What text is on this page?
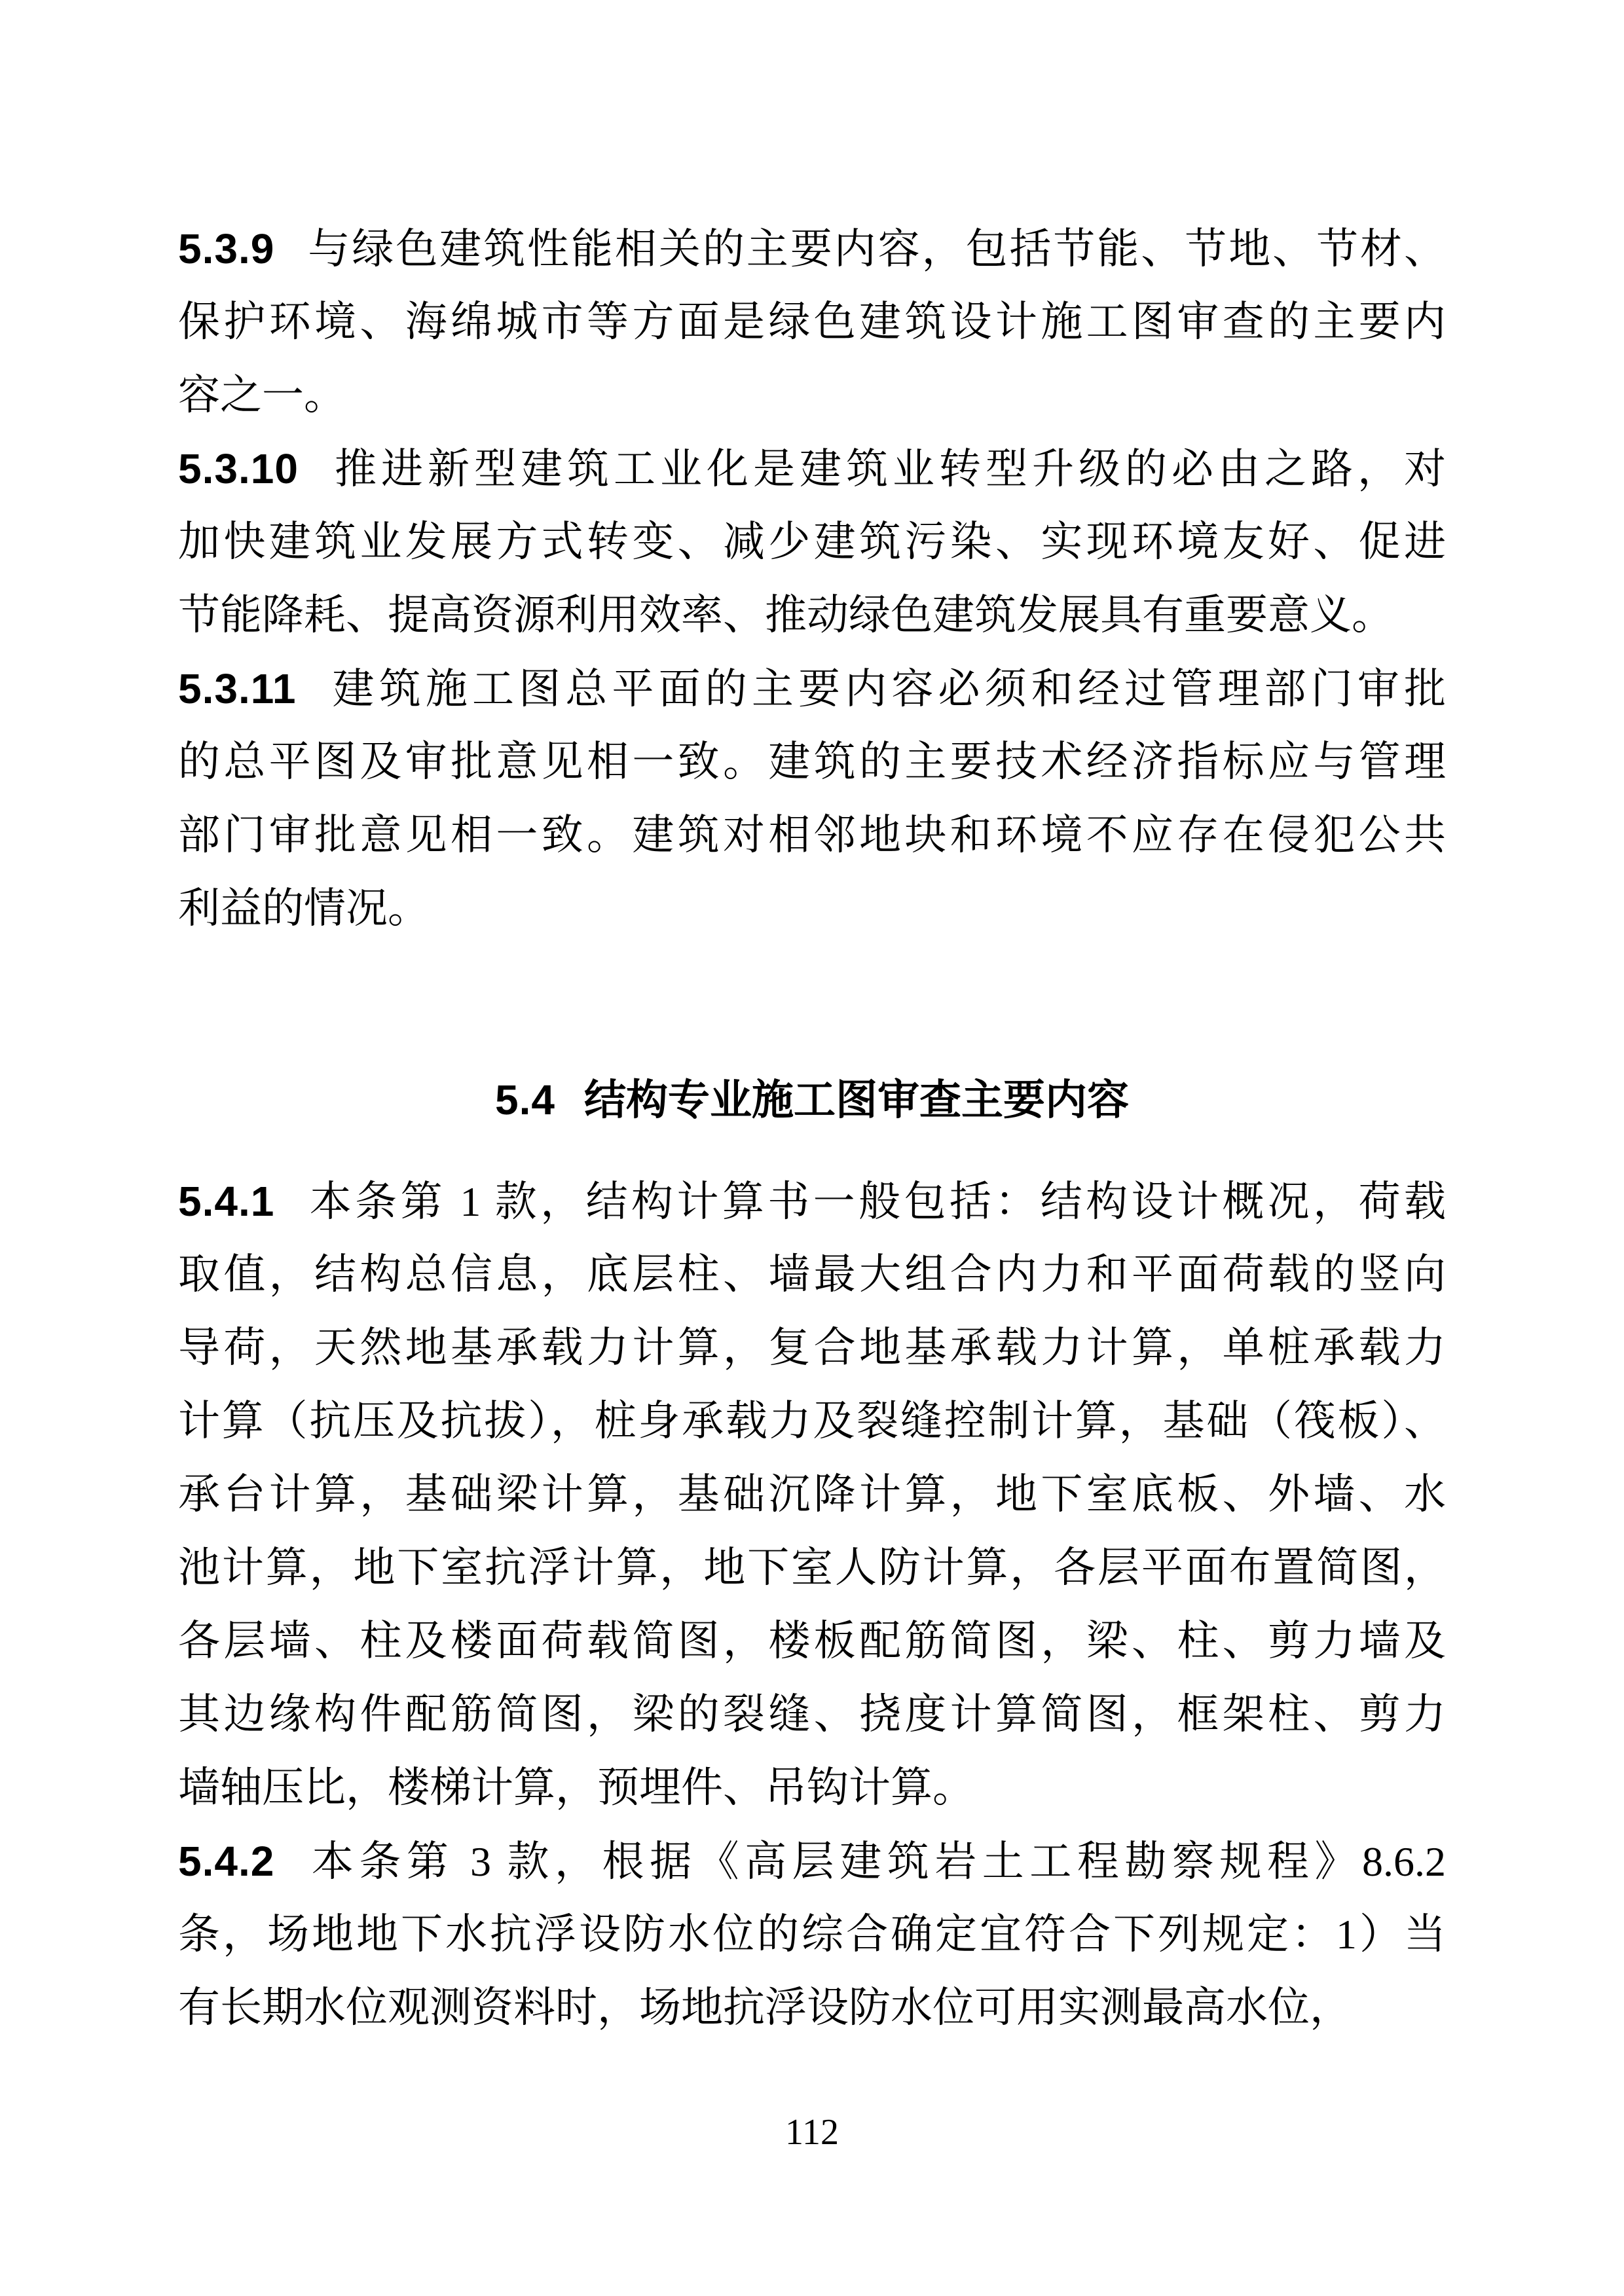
5.3.9 与绿色建筑性能相关的主要内容，包括节能、节地、节材、
保护环境、海绵城市等方面是绿色建筑设计施工图审查的主要内
容之一。
5.3.10 推进新型建筑工业化是建筑业转型升级的必由之路，对
加快建筑业发展方式转变、减少建筑污染、实现环境友好、促进
节能降耗、提高资源利用效率、推动绿色建筑发展具有重要意义。
5.3.11 建筑施工图总平面的主要内容必须和经过管理部门审批
的总平图及审批意见相一致。建筑的主要技术经济指标应与管理
部门审批意见相一致。建筑对相邻地块和环境不应存在侵犯公共
利益的情况。
5.4 结构专业施工图审查主要内容
5.4.1 本条第 1 款，结构计算书一般包括：结构设计概况，荷载
取值，结构总信息，底层柱、墙最大组合内力和平面荷载的竖向
导荷，天然地基承载力计算，复合地基承载力计算，单桩承载力
计算（抗压及抗拔），桩身承载力及裂缝控制计算，基础（筏板）、
承台计算，基础梁计算，基础沉降计算，地下室底板、外墙、水
池计算，地下室抗浮计算，地下室人防计算，各层平面布置简图，
各层墙、柱及楼面荷载简图，楼板配筋简图，梁、柱、剪力墙及
其边缘构件配筋简图，梁的裂缝、挠度计算简图，框架柱、剪力
墙轴压比，楼梯计算，预埋件、吊钩计算。
5.4.2 本条第 3 款，根据《高层建筑岩土工程勘察规程》8.6.2
条，场地地下水抗浮设防水位的综合确定宜符合下列规定：1）当
有长期水位观测资料时，场地抗浮设防水位可用实测最高水位，
112
